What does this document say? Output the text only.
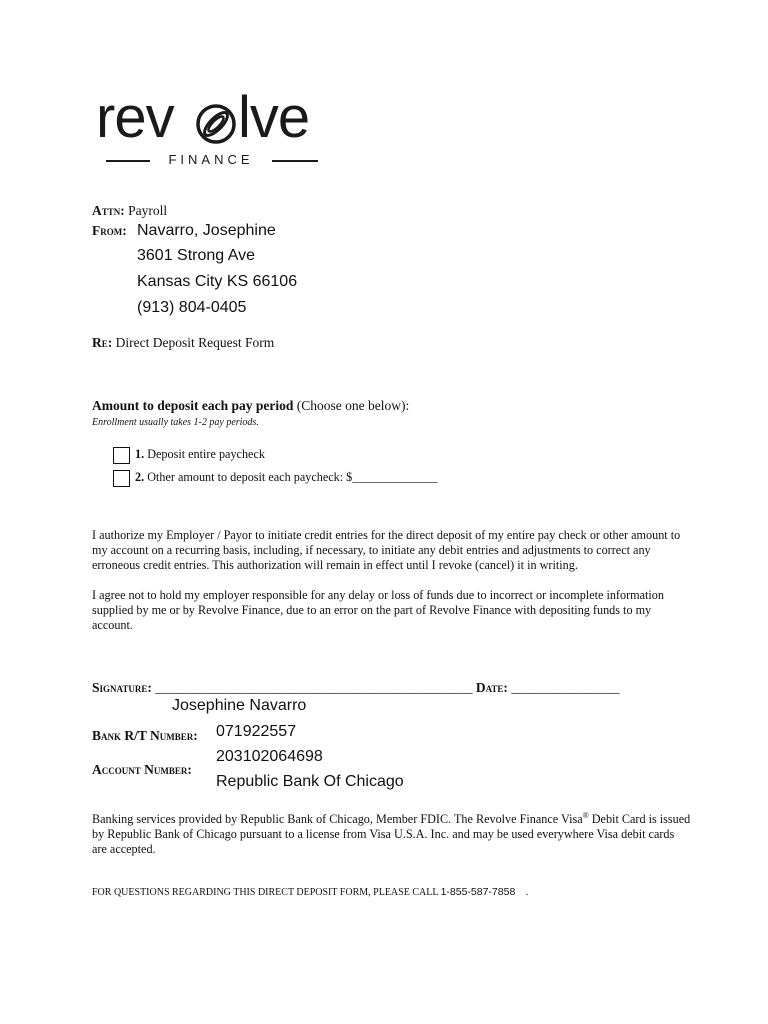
rev lve
FINANCE
Attn: Payroll
From: Navarro, Josephine
3601 Strong Ave
Kansas City KS 66106
(913) 804-0405
Re: Direct Deposit Request Form
Amount to deposit each pay period (Choose one below):
Enrollment usually takes 1-2 pay periods.
1. Deposit entire paycheck
2. Other amount to deposit each paycheck: $______________
I authorize my Employer / Payor to initiate credit entries for the direct deposit of my entire pay check or other amount to my account on a recurring basis, including, if necessary, to initiate any debit entries and adjustments to correct any erroneous credit entries. This authorization will remain in effect until I revoke (cancel) it in writing.
I agree not to hold my employer responsible for any delay or loss of funds due to incorrect or incomplete information supplied by me or by Revolve Finance, due to an error on the part of Revolve Finance with depositing funds to my account.
Signature: _______________________________________________ Date: ________________
Josephine Navarro
Bank R/T Number: 071922557
203102064698
Account Number:
Republic Bank Of Chicago
Banking services provided by Republic Bank of Chicago, Member FDIC. The Revolve Finance Visa® Debit Card is issued by Republic Bank of Chicago pursuant to a license from Visa U.S.A. Inc. and may be used everywhere Visa debit cards are accepted.
FOR QUESTIONS REGARDING THIS DIRECT DEPOSIT FORM, PLEASE CALL 1-855-587-7858 .
